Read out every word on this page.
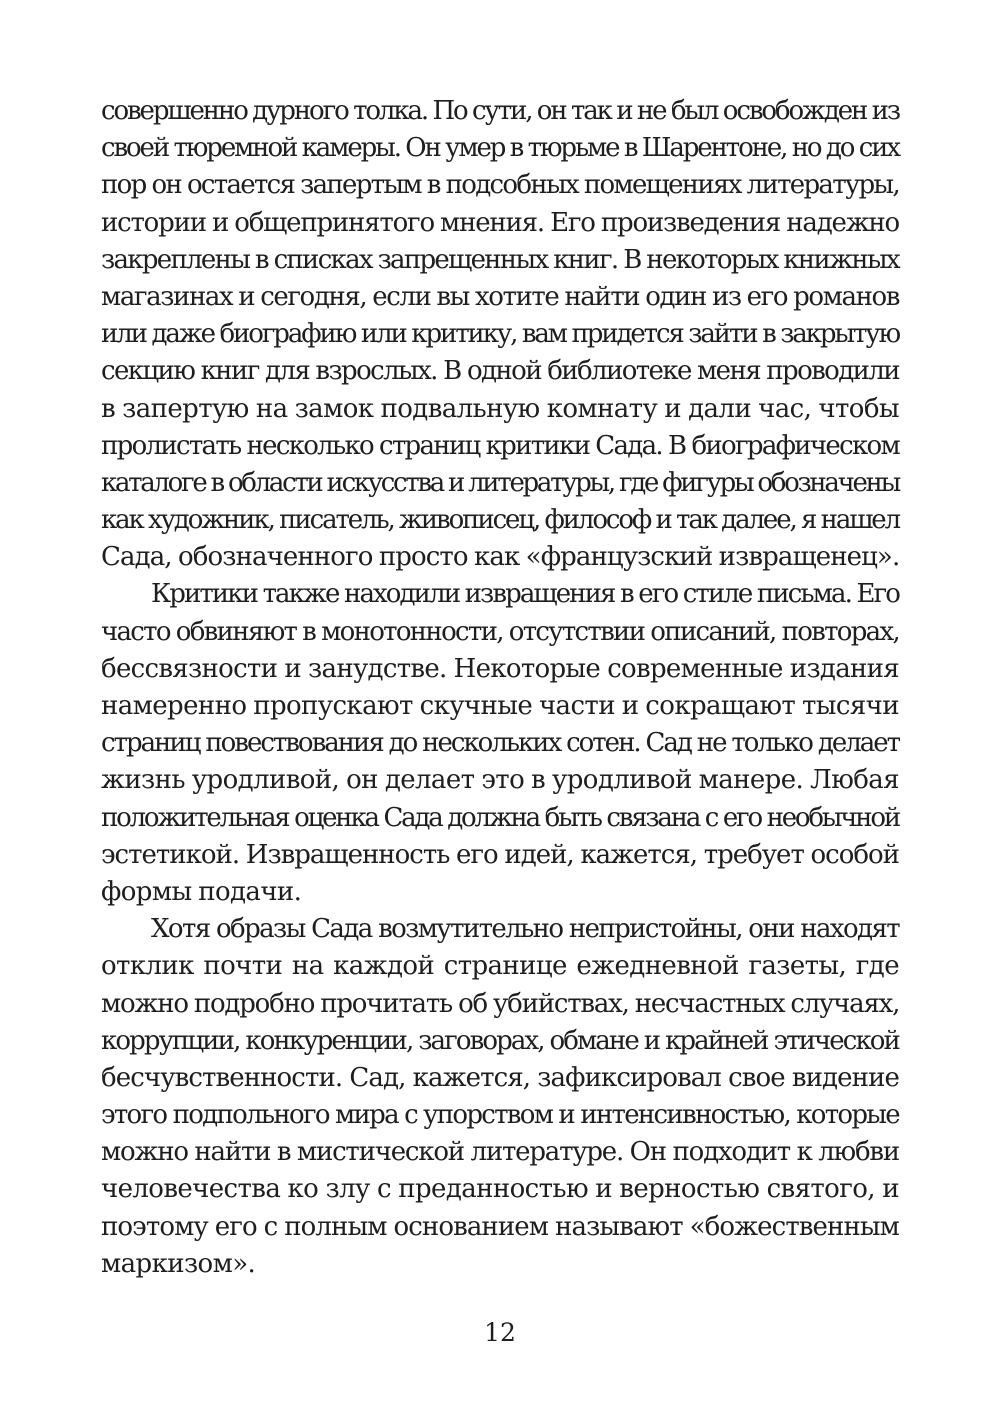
совершенно дурного толка. По сути, он так и не был освобожден из
своей тюремной камеры. Он умер в тюрьме в Шарентоне, но до сих
пор он остается запертым в подсобных помещениях литературы,
истории и общепринятого мнения. Его произведения надежно
закреплены в списках запрещенных книг. В некоторых книжных
магазинах и сегодня, если вы хотите найти один из его романов
или даже биографию или критику, вам придется зайти в закрытую
секцию книг для взрослых. В одной библиотеке меня проводили
в запертую на замок подвальную комнату и дали час, чтобы
пролистать несколько страниц критики Сада. В биографическом
каталоге в области искусства и литературы, где фигуры обозначены
как художник, писатель, живописец, философ и так далее, я нашел
Сада, обозначенного просто как «французский извращенец».
Критики также находили извращения в его стиле письма. Его
часто обвиняют в монотонности, отсутствии описаний, повторах,
бессвязности и занудстве. Некоторые современные издания
намеренно пропускают скучные части и сокращают тысячи
страниц повествования до нескольких сотен. Сад не только делает
жизнь уродливой, он делает это в уродливой манере. Любая
положительная оценка Сада должна быть связана с его необычной
эстетикой. Извращенность его идей, кажется, требует особой
формы подачи.
Хотя образы Сада возмутительно непристойны, они находят
отклик почти на каждой странице ежедневной газеты, где
можно подробно прочитать об убийствах, несчастных случаях,
коррупции, конкуренции, заговорах, обмане и крайней этической
бесчувственности. Сад, кажется, зафиксировал свое видение
этого подпольного мира с упорством и интенсивностью, которые
можно найти в мистической литературе. Он подходит к любви
человечества ко злу с преданностью и верностью святого, и
поэтому его с полным основанием называют «божественным
маркизом».
12
